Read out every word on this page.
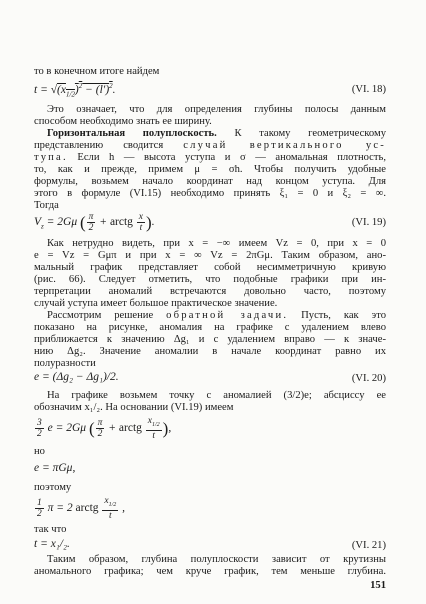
то в конечном итоге найдем
$t = √(x_{1/2})^2 - (l')^2$.	(VI. 18)
Это означает, что для определения глубины полосы данным
способом необходимо знать ее ширину.
Горизонтальная полуплоскость. К такому геометрическому
представлению сводится случай вертикального ус-
тупа. Если h — высота уступа и σ — аномальная плотность,
то, как и прежде, примем μ = σh. Чтобы получить удобные
формулы, возьмем начало координат над концом уступа. Для
этого в формуле (VI.15) необходимо принять ξ₁ = 0 и ξ₂ = ∞.
Тогда
$V_z = 2G\mu$ ( $\frac{\pi}{2}$ + arctg $\frac{x}{t}$ ).	(VI. 19)
Как нетрудно видеть, при x = −∞ имеем Vz = 0, при x = 0
e = Vz = Gμπ и при x = ∞ Vz = 2πGμ. Таким образом, ано-
мальный график представляет собой несимметричную кривую
(рис. 66). Следует отметить, что подобные графики при ин-
терпретации аномалий встречаются довольно часто, поэтому
случай уступа имеет большое практическое значение.
Рассмотрим решение обратной задачи. Пусть, как это
показано на рисунке, аномалия на графике с удалением влево
приближается к значению Δg₁ и с удалением вправо — к значе-
нию Δg₂. Значение аномалии в начале координат равно их
полуразности
e = (Δg₂ − Δg₁)/2.	(VI. 20)
На графике возьмем точку с аномалией (3/2)e; абсциссу ее
обозначим x₁/₂. На основании (VI.19) имеем
$\frac{3}{2}$ e = 2Gμ ( $\frac{\pi}{2}$ + arctg $\frac{x_{1/2}}{t}$ ),
но
e = πGμ,
поэтому
$\frac{1}{2}$ π = 2 arctg $\frac{x_{1/2}}{t}$ ,
так что
t = x₁/₂.	(VI. 21)
Таким образом, глубина полуплоскости зависит от крутизны
аномального графика; чем круче график, тем меньше глубина.
151
